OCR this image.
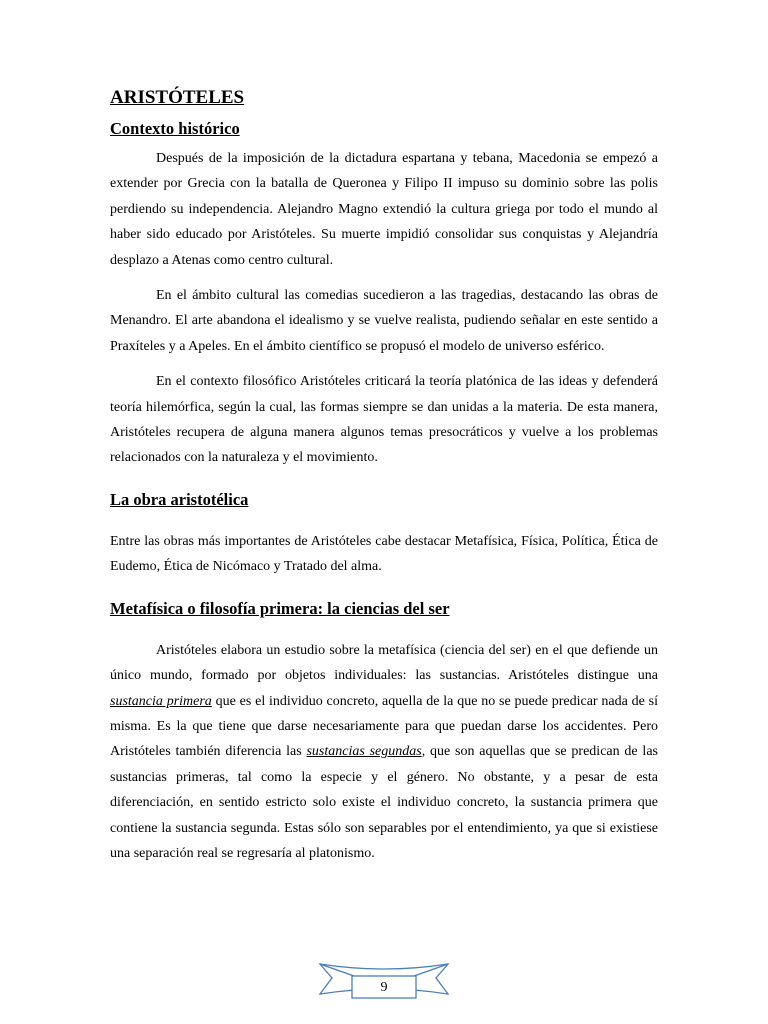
ARISTÓTELES
Contexto histórico

Después de la imposición de la dictadura espartana y tebana, Macedonia se empezó a extender por Grecia con la batalla de Queronea y Filipo II impuso su dominio sobre las polis perdiendo su independencia. Alejandro Magno extendió la cultura griega por todo el mundo al haber sido educado por Aristóteles. Su muerte impidió consolidar sus conquistas y Alejandría desplazo a Atenas como centro cultural.

En el ámbito cultural las comedias sucedieron a las tragedias, destacando las obras de Menandro. El arte abandona el idealismo y se vuelve realista, pudiendo señalar en este sentido a Praxíteles y a Apeles. En el ámbito científico se propusó el modelo de universo esférico.

En el contexto filosófico Aristóteles criticará la teoría platónica de las ideas y defenderá teoría hilemórfica, según la cual, las formas siempre se dan unidas a la materia. De esta manera, Aristóteles recupera de alguna manera algunos temas presocráticos y vuelve a los problemas relacionados con la naturaleza y el movimiento.

La obra aristotélica

Entre las obras más importantes de Aristóteles cabe destacar Metafísica, Física, Política, Ética de Eudemo, Ética de Nicómaco y Tratado del alma.

Metafísica o filosofía primera: la ciencias del ser

Aristóteles elabora un estudio sobre la metafísica (ciencia del ser) en el que defiende un único mundo, formado por objetos individuales: las sustancias. Aristóteles distingue una sustancia primera que es el individuo concreto, aquella de la que no se puede predicar nada de sí misma. Es la que tiene que darse necesariamente para que puedan darse los accidentes. Pero Aristóteles también diferencia las sustancias segundas, que son aquellas que se predican de las sustancias primeras, tal como la especie y el género. No obstante, y a pesar de esta diferenciación, en sentido estricto solo existe el individuo concreto, la sustancia primera que contiene la sustancia segunda. Estas sólo son separables por el entendimiento, ya que si existiese una separación real se regresaría al platonismo.

9
